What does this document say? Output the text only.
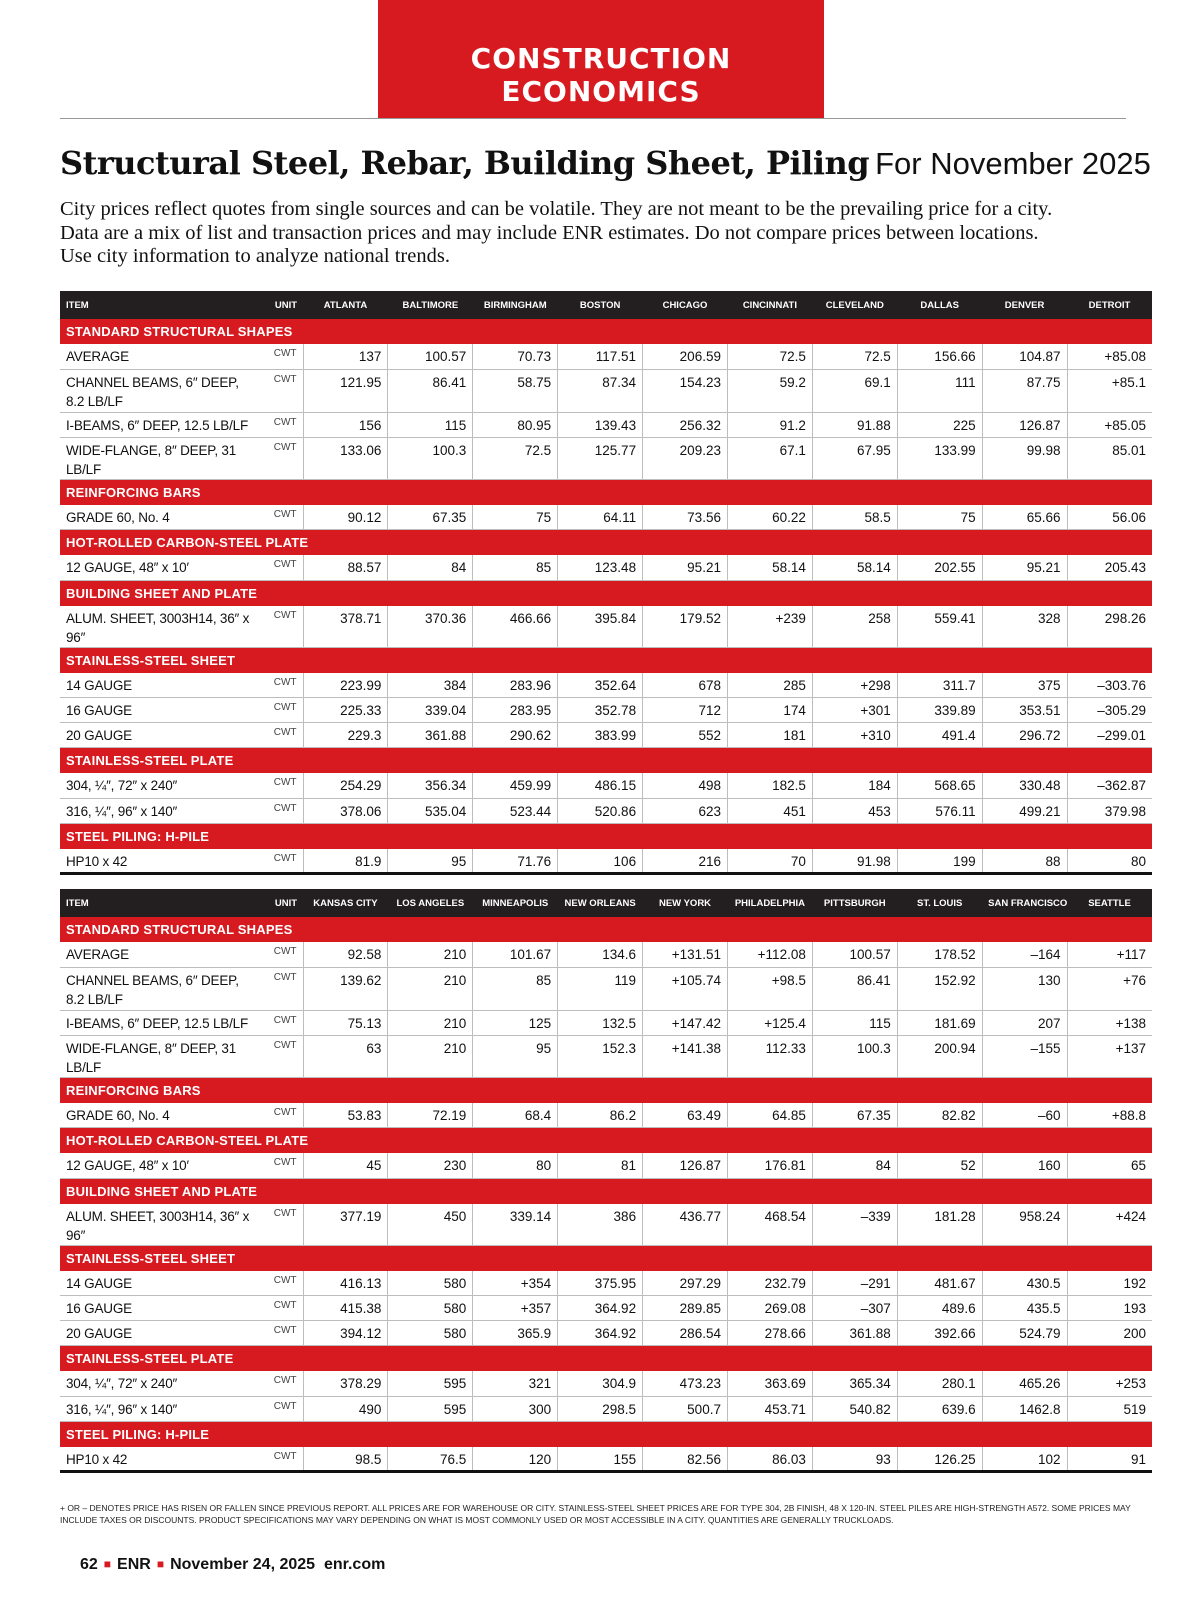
CONSTRUCTION ECONOMICS
Structural Steel, Rebar, Building Sheet, Piling For November 2025
City prices reflect quotes from single sources and can be volatile. They are not meant to be the prevailing price for a city.
Data are a mix of list and transaction prices and may include ENR estimates. Do not compare prices between locations.
Use city information to analyze national trends.
ITEM	UNIT	ATLANTA	BALTIMORE	BIRMINGHAM	BOSTON	CHICAGO	CINCINNATI	CLEVELAND	DALLAS	DENVER	DETROIT
STANDARD STRUCTURAL SHAPES											
AVERAGE	CWT	137	100.57	70.73	117.51	206.59	72.5	72.5	156.66	104.87	+85.08
CHANNEL BEAMS, 6″ DEEP, 8.2 LB/LF	CWT	121.95	86.41	58.75	87.34	154.23	59.2	69.1	111	87.75	+85.1
I-BEAMS, 6″ DEEP, 12.5 LB/LF	CWT	156	115	80.95	139.43	256.32	91.2	91.88	225	126.87	+85.05
WIDE-FLANGE, 8″ DEEP, 31 LB/LF	CWT	133.06	100.3	72.5	125.77	209.23	67.1	67.95	133.99	99.98	85.01
REINFORCING BARS											
GRADE 60, No. 4	CWT	90.12	67.35	75	64.11	73.56	60.22	58.5	75	65.66	56.06
HOT-ROLLED CARBON-STEEL PLATE											
12 GAUGE, 48″ x 10′	CWT	88.57	84	85	123.48	95.21	58.14	58.14	202.55	95.21	205.43
BUILDING SHEET AND PLATE											
ALUM. SHEET, 3003H14, 36″ x 96″	CWT	378.71	370.36	466.66	395.84	179.52	+239	258	559.41	328	298.26
STAINLESS-STEEL SHEET											
14 GAUGE	CWT	223.99	384	283.96	352.64	678	285	+298	311.7	375	–303.76
16 GAUGE	CWT	225.33	339.04	283.95	352.78	712	174	+301	339.89	353.51	–305.29
20 GAUGE	CWT	229.3	361.88	290.62	383.99	552	181	+310	491.4	296.72	–299.01
STAINLESS-STEEL PLATE											
304, ¼″, 72″ x 240″	CWT	254.29	356.34	459.99	486.15	498	182.5	184	568.65	330.48	–362.87
316, ¼″, 96″ x 140″	CWT	378.06	535.04	523.44	520.86	623	451	453	576.11	499.21	379.98
STEEL PILING: H-PILE											
HP10 x 42	CWT	81.9	95	71.76	106	216	70	91.98	199	88	80
ITEM	UNIT	KANSAS CITY	LOS ANGELES	MINNEAPOLIS	NEW ORLEANS	NEW YORK	PHILADELPHIA	PITTSBURGH	ST. LOUIS	SAN FRANCISCO	SEATTLE
STANDARD STRUCTURAL SHAPES											
AVERAGE	CWT	92.58	210	101.67	134.6	+131.51	+112.08	100.57	178.52	–164	+117
CHANNEL BEAMS, 6″ DEEP, 8.2 LB/LF	CWT	139.62	210	85	119	+105.74	+98.5	86.41	152.92	130	+76
I-BEAMS, 6″ DEEP, 12.5 LB/LF	CWT	75.13	210	125	132.5	+147.42	+125.4	115	181.69	207	+138
WIDE-FLANGE, 8″ DEEP, 31 LB/LF	CWT	63	210	95	152.3	+141.38	112.33	100.3	200.94	–155	+137
REINFORCING BARS											
GRADE 60, No. 4	CWT	53.83	72.19	68.4	86.2	63.49	64.85	67.35	82.82	–60	+88.8
HOT-ROLLED CARBON-STEEL PLATE											
12 GAUGE, 48″ x 10′	CWT	45	230	80	81	126.87	176.81	84	52	160	65
BUILDING SHEET AND PLATE											
ALUM. SHEET, 3003H14, 36″ x 96″	CWT	377.19	450	339.14	386	436.77	468.54	–339	181.28	958.24	+424
STAINLESS-STEEL SHEET											
14 GAUGE	CWT	416.13	580	+354	375.95	297.29	232.79	–291	481.67	430.5	192
16 GAUGE	CWT	415.38	580	+357	364.92	289.85	269.08	–307	489.6	435.5	193
20 GAUGE	CWT	394.12	580	365.9	364.92	286.54	278.66	361.88	392.66	524.79	200
STAINLESS-STEEL PLATE											
304, ¼″, 72″ x 240″	CWT	378.29	595	321	304.9	473.23	363.69	365.34	280.1	465.26	+253
316, ¼″, 96″ x 140″	CWT	490	595	300	298.5	500.7	453.71	540.82	639.6	1462.8	519
STEEL PILING: H-PILE											
HP10 x 42	CWT	98.5	76.5	120	155	82.56	86.03	93	126.25	102	91
+ OR – DENOTES PRICE HAS RISEN OR FALLEN SINCE PREVIOUS REPORT. ALL PRICES ARE FOR WAREHOUSE OR CITY. STAINLESS-STEEL SHEET PRICES ARE FOR TYPE 304, 2B FINISH, 48 X 120-IN. STEEL PILES ARE HIGH-STRENGTH A572. SOME PRICES MAY INCLUDE TAXES OR DISCOUNTS. PRODUCT SPECIFICATIONS MAY VARY DEPENDING ON WHAT IS MOST COMMONLY USED OR MOST ACCESSIBLE IN A CITY. QUANTITIES ARE GENERALLY TRUCKLOADS.
62 ■ ENR ■ November 24, 2025 enr.com
